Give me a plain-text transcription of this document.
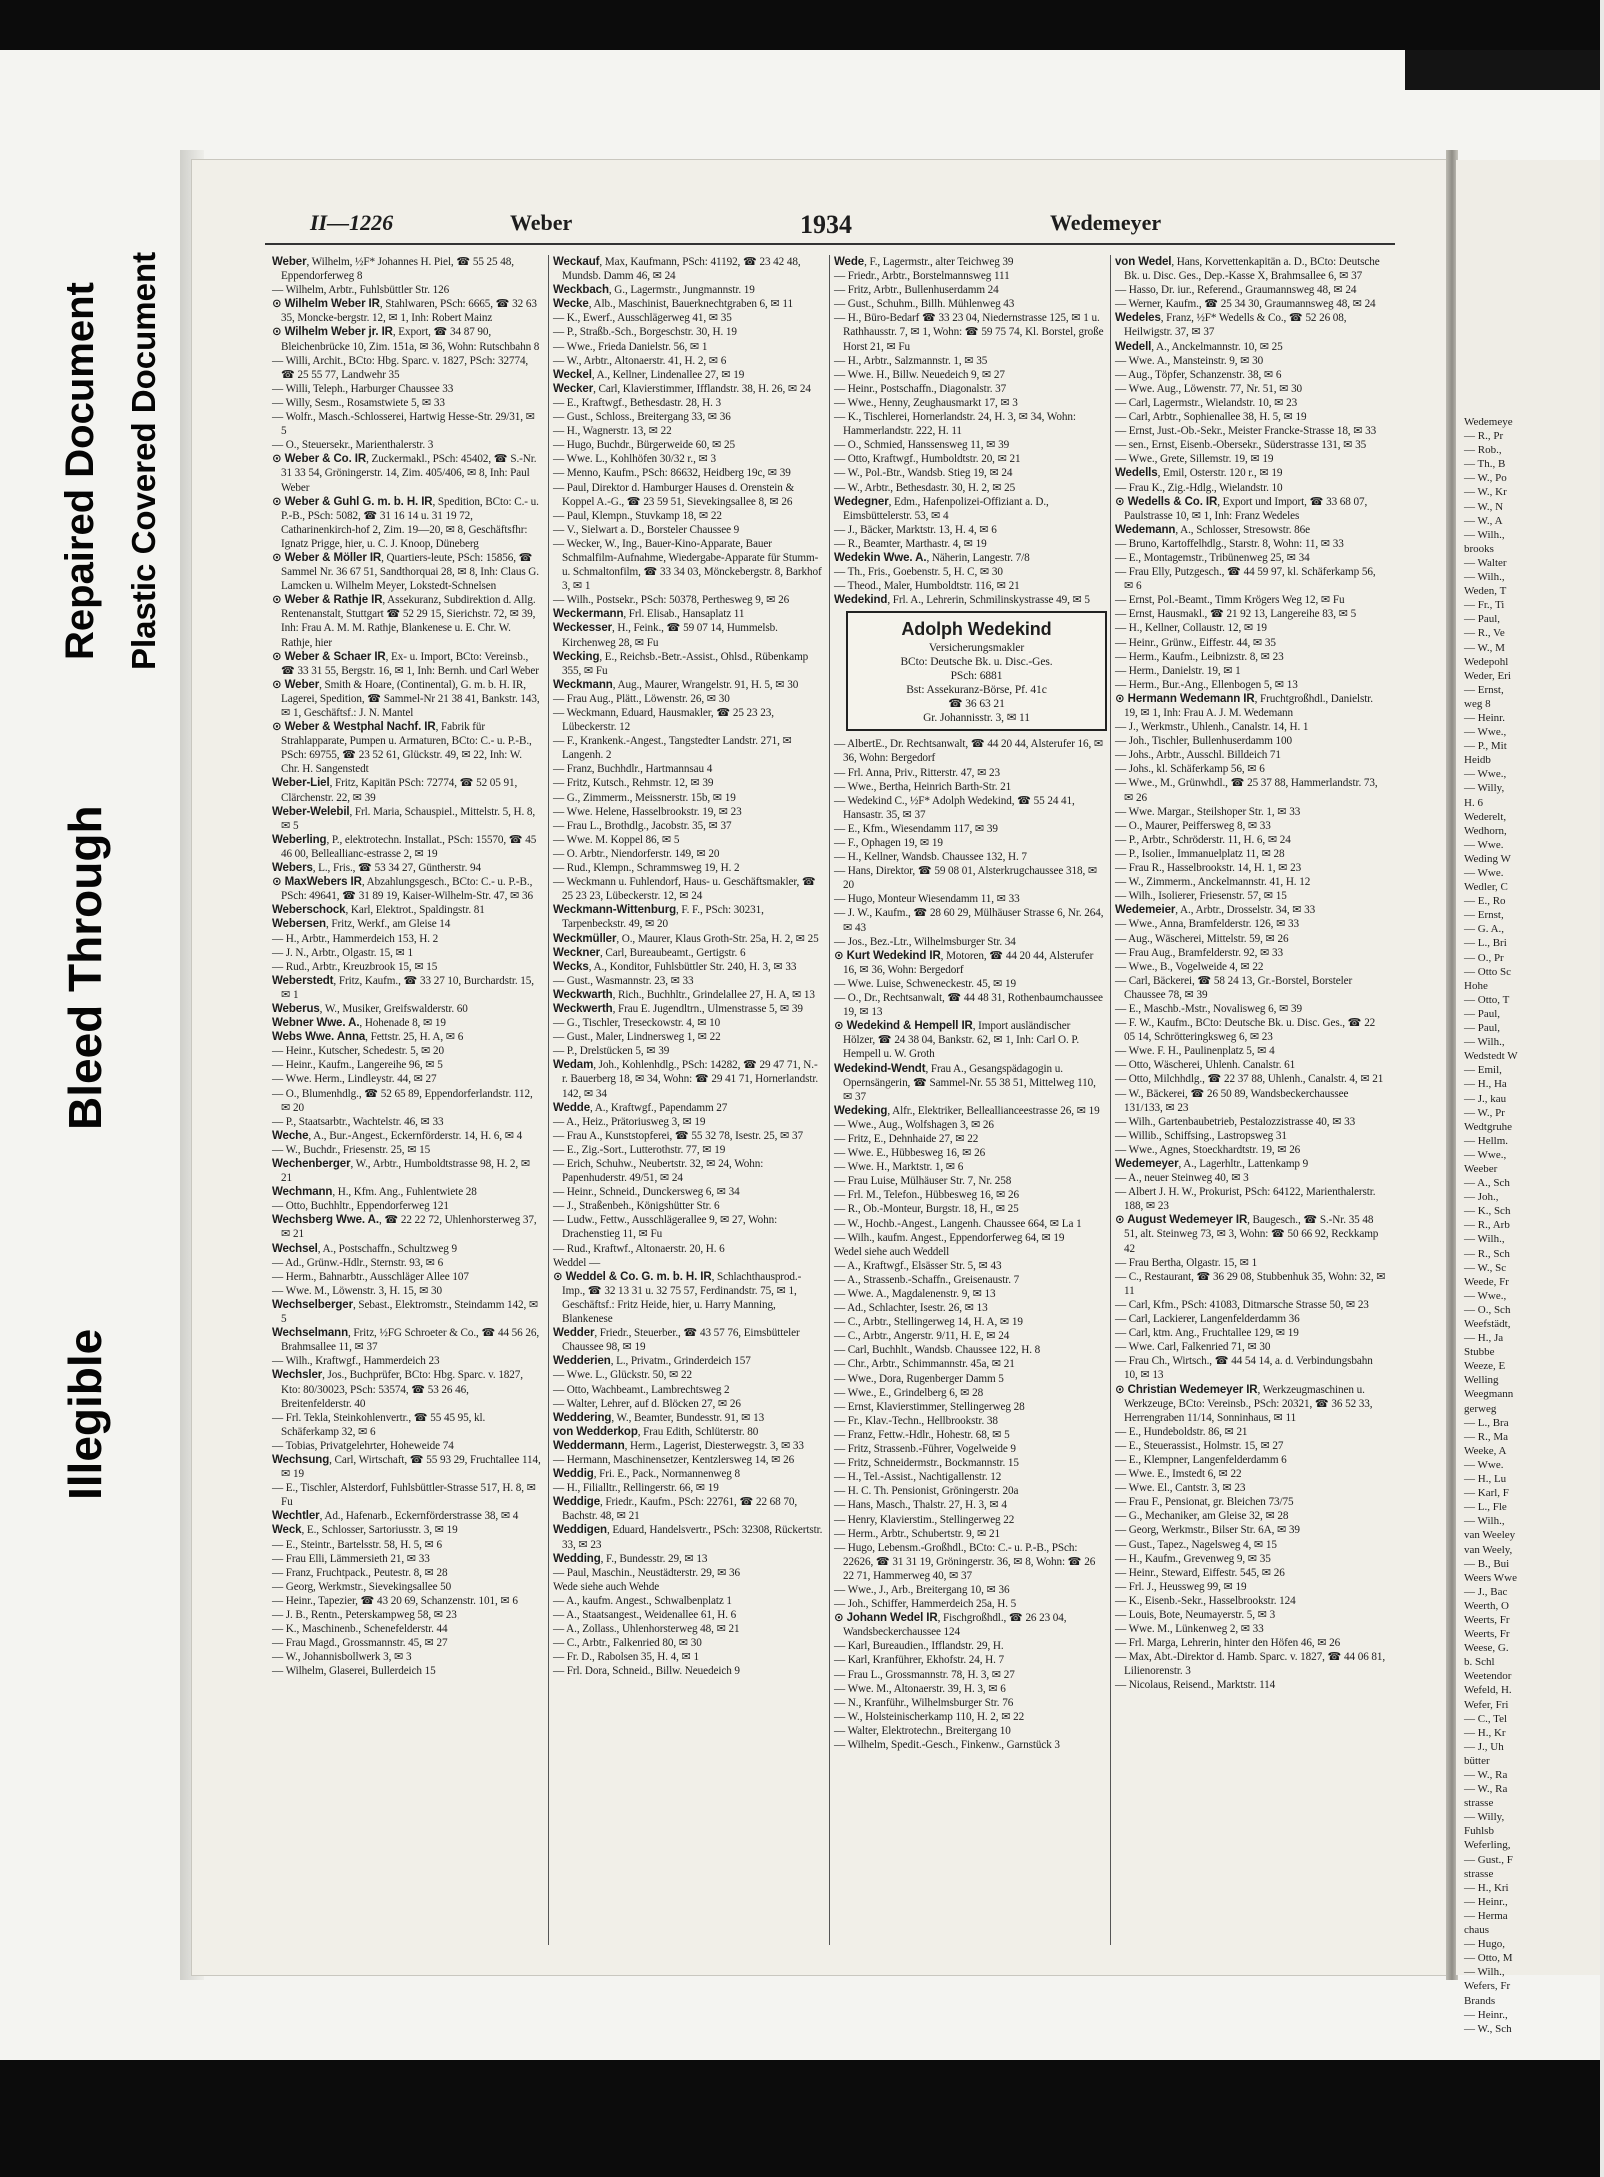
Illegible
Bleed Through
Repaired Document Plastic Covered Document
II—1226	Weber	1934	Wedemeyer

Weber, Wilhelm, ½F* Johannes H. Piel, ☎ 55 25 48, Eppendorferweg 8

— Wilhelm, Arbtr., Fuhlsbüttler Str. 126

⊙ Wilhelm Weber IR, Stahlwaren, PSch: 6665, ☎ 32 63 35, Moncke-bergstr. 12, ✉ 1, Inh: Robert Mainz

⊙ Wilhelm Weber jr. IR, Export, ☎ 34 87 90, Bleichenbrücke 10, Zim. 151a, ✉ 36, Wohn: Rutschbahn 8

— Willi, Archit., BCto: Hbg. Sparc. v. 1827, PSch: 32774, ☎ 25 55 77, Landwehr 35

— Willi, Teleph., Harburger Chaussee 33

— Willy, Sesm., Rosamstwiete 5, ✉ 33

— Wolfr., Masch.-Schlosserei, Hartwig Hesse-Str. 29/31, ✉ 5

— O., Steuersekr., Marienthalerstr. 3

⊙ Weber & Co. IR, Zuckermakl., PSch: 45402, ☎ S.-Nr. 31 33 54, Gröningerstr. 14, Zim. 405/406, ✉ 8, Inh: Paul Weber

⊙ Weber & Guhl G. m. b. H. IR, Spedition, BCto: C.- u. P.-B., PSch: 5082, ☎ 31 16 14 u. 31 19 72, Catharinenkirch-hof 2, Zim. 19—20, ✉ 8, Geschäftsfhr: Ignatz Prigge, hier, u. C. J. Knoop, Düneberg

⊙ Weber & Möller IR, Quartiers-leute, PSch: 15856, ☎ Sammel Nr. 36 67 51, Sandthorquai 28, ✉ 8, Inh: Claus G. Lamcken u. Wilhelm Meyer, Lokstedt-Schnelsen

⊙ Weber & Rathje IR, Assekuranz, Subdirektion d. Allg. Rentenanstalt, Stuttgart ☎ 52 29 15, Sierichstr. 72, ✉ 39, Inh: Frau A. M. M. Rathje, Blankenese u. E. Chr. W. Rathje, hier

⊙ Weber & Schaer IR, Ex- u. Import, BCto: Vereinsb., ☎ 33 31 55, Bergstr. 16, ✉ 1, Inh: Bernh. und Carl Weber

⊙ Weber, Smith & Hoare, (Continental), G. m. b. H. IR, Lagerei, Spedition, ☎ Sammel-Nr 21 38 41, Bankstr. 143, ✉ 1, Geschäftsf.: J. N. Mantel

⊙ Weber & Westphal Nachf. IR, Fabrik für Strahlapparate, Pumpen u. Armaturen, BCto: C.- u. P.-B., PSch: 69755, ☎ 23 52 61, Glückstr. 49, ✉ 22, Inh: W. Chr. H. Sangenstedt

Weber-Liel, Fritz, Kapitän PSch: 72774, ☎ 52 05 91, Clärchenstr. 22, ✉ 39

Weber-Welebil, Frl. Maria, Schauspiel., Mittelstr. 5, H. 8, ✉ 5

Weberling, P., elektrotechn. Installat., PSch: 15570, ☎ 45 46 00, Belleallianc-estrasse 2, ✉ 19

Webers, L., Fris., ☎ 53 34 27, Güntherstr. 94

⊙ MaxWebers IR, Abzahlungsgesch., BCto: C.- u. P.-B., PSch: 49641, ☎ 31 89 19, Kaiser-Wilhelm-Str. 47, ✉ 36

Weberschock, Karl, Elektrot., Spaldingstr. 81

Webersen, Fritz, Werkf., am Gleise 14

— H., Arbtr., Hammerdeich 153, H. 2

— J. N., Arbtr., Olgastr. 15, ✉ 1

— Rud., Arbtr., Kreuzbrook 15, ✉ 15

Weberstedt, Fritz, Kaufm., ☎ 33 27 10, Burchardstr. 15, ✉ 1

Weberus, W., Musiker, Greifswalderstr. 60

Webner Wwe. A., Hohenade 8, ✉ 19

Webs Wwe. Anna, Fettstr. 25, H. A, ✉ 6

— Heinr., Kutscher, Schedestr. 5, ✉ 20

— Heinr., Kaufm., Langereihe 96, ✉ 5

— Wwe. Herm., Lindleystr. 44, ✉ 27

— O., Blumenhdlg., ☎ 52 65 89, Eppendorferlandstr. 112, ✉ 20

— P., Staatsarbtr., Wachtelstr. 46, ✉ 33

Weche, A., Bur.-Angest., Eckernförderstr. 14, H. 6, ✉ 4

— W., Buchdr., Friesenstr. 25, ✉ 15

Wechenberger, W., Arbtr., Humboldtstrasse 98, H. 2, ✉ 21

Wechmann, H., Kfm. Ang., Fuhlentwiete 28

— Otto, Buchhltr., Eppendorferweg 121

Wechsberg Wwe. A., ☎ 22 22 72, Uhlenhorsterweg 37, ✉ 21

Wechsel, A., Postschaffn., Schultzweg 9

— Ad., Grünw.-Hdlr., Sternstr. 93, ✉ 6

— Herm., Bahnarbtr., Ausschläger Allee 107

— Wwe. M., Löwenstr. 3, H. 15, ✉ 30

Wechselberger, Sebast., Elektromstr., Steindamm 142, ✉ 5

Wechselmann, Fritz, ½FG Schroeter & Co., ☎ 44 56 26, Brahmsallee 11, ✉ 37

— Wilh., Kraftwgf., Hammerdeich 23

Wechsler, Jos., Buchprüfer, BCto: Hbg. Sparc. v. 1827, Kto: 80/30023, PSch: 53574, ☎ 53 26 46, Breitenfelderstr. 40

— Frl. Tekla, Steinkohlenvertr., ☎ 55 45 95, kl. Schäferkamp 32, ✉ 6

— Tobias, Privatgelehrter, Hoheweide 74

Wechsung, Carl, Wirtschaft, ☎ 55 93 29, Fruchtallee 114, ✉ 19

— E., Tischler, Alsterdorf, Fuhlsbüttler-Strasse 517, H. 8, ✉ Fu

Wechtler, Ad., Hafenarb., Eckernförderstrasse 38, ✉ 4

Weck, E., Schlosser, Sartoriusstr. 3, ✉ 19

— E., Steintr., Bartelsstr. 58, H. 5, ✉ 6

— Frau Elli, Lämmersieth 21, ✉ 33

— Franz, Fruchtpack., Peutestr. 8, ✉ 28

— Georg, Werkmstr., Sievekingsallee 50

— Heinr., Tapezier, ☎ 43 20 69, Schanzenstr. 101, ✉ 6

— J. B., Rentn., Peterskampweg 58, ✉ 23

— K., Maschinenb., Schenefelderstr. 44

— Frau Magd., Grossmannstr. 45, ✉ 27

— W., Johannisbollwerk 3, ✉ 3

— Wilhelm, Glaserei, Bullerdeich 15

Weckauf, Max, Kaufmann, PSch: 41192, ☎ 23 42 48, Mundsb. Damm 46, ✉ 24

Weckbach, G., Lagermstr., Jungmannstr. 19

Wecke, Alb., Maschinist, Bauerknechtgraben 6, ✉ 11

— K., Ewerf., Ausschlägerweg 41, ✉ 35

— P., Straßb.-Sch., Borgeschstr. 30, H. 19

— Wwe., Frieda Danielstr. 56, ✉ 1

— W., Arbtr., Altonaerstr. 41, H. 2, ✉ 6

Weckel, A., Kellner, Lindenallee 27, ✉ 19

Wecker, Carl, Klavierstimmer, Ifflandstr. 38, H. 26, ✉ 24

— E., Kraftwgf., Bethesdastr. 28, H. 3

— Gust., Schloss., Breitergang 33, ✉ 36

— H., Wagnerstr. 13, ✉ 22

— Hugo, Buchdr., Bürgerweide 60, ✉ 25

— Wwe. L., Kohlhöfen 30/32 r., ✉ 3

— Menno, Kaufm., PSch: 86632, Heidberg 19c, ✉ 39

— Paul, Direktor d. Hamburger Hauses d. Orenstein & Koppel A.-G., ☎ 23 59 51, Sievekingsallee 8, ✉ 26

— Paul, Klempn., Stuvkamp 18, ✉ 22

— V., Sielwart a. D., Borsteler Chaussee 9

— Wecker, W., Ing., Bauer-Kino-Apparate, Bauer Schmalfilm-Aufnahme, Wiedergabe-Apparate für Stumm- u. Schmaltonfilm, ☎ 33 34 03, Mönckebergstr. 8, Barkhof 3, ✉ 1

— Wilh., Postsekr., PSch: 50378, Perthesweg 9, ✉ 26

Weckermann, Frl. Elisab., Hansaplatz 11

Weckesser, H., Feink., ☎ 59 07 14, Hummelsb. Kirchenweg 28, ✉ Fu

Wecking, E., Reichsb.-Betr.-Assist., Ohlsd., Rübenkamp 355, ✉ Fu

Weckmann, Aug., Maurer, Wrangelstr. 91, H. 5, ✉ 30

— Frau Aug., Plätt., Löwenstr. 26, ✉ 30

— Weckmann, Eduard, Hausmakler, ☎ 25 23 23, Lübeckerstr. 12

— F., Krankenk.-Angest., Tangstedter Landstr. 271, ✉ Langenh. 2

— Franz, Buchhdlr., Hartmannsau 4

— Fritz, Kutsch., Rehmstr. 12, ✉ 39

— G., Zimmerm., Meissnerstr. 15b, ✉ 19

— Wwe. Helene, Hasselbrookstr. 19, ✉ 23

— Frau L., Brothdlg., Jacobstr. 35, ✉ 37

— Wwe. M. Koppel 86, ✉ 5

— O. Arbtr., Niendorferstr. 149, ✉ 20

— Rud., Klempn., Schrammsweg 19, H. 2

— Weckmann u. Fuhlendorf, Haus- u. Geschäftsmakler, ☎ 25 23 23, Lübeckerstr. 12, ✉ 24

Weckmann-Wittenburg, F. F., PSch: 30231, Tarpenbeckstr. 49, ✉ 20

Weckmüller, O., Maurer, Klaus Groth-Str. 25a, H. 2, ✉ 25

Weckner, Carl, Bureaubeamt., Gertigstr. 6

Wecks, A., Konditor, Fuhlsbüttler Str. 240, H. 3, ✉ 33

— Gust., Wasmannstr. 23, ✉ 33

Weckwarth, Rich., Buchhltr., Grindelallee 27, H. A, ✉ 13

Weckwerth, Frau E. Jugendltrn., Ulmenstrasse 5, ✉ 39

— G., Tischler, Treseckowstr. 4, ✉ 10

— Gust., Maler, Lindnersweg 1, ✉ 22

— P., Drelstücken 5, ✉ 39

Wedam, Joh., Kohlenhdlg., PSch: 14282, ☎ 29 47 71, N.-r. Bauerberg 18, ✉ 34, Wohn: ☎ 29 41 71, Hornerlandstr. 142, ✉ 34

Wedde, A., Kraftwgf., Papendamm 27

— A., Heiz., Prätoriusweg 3, ✉ 19

— Frau A., Kunststopferei, ☎ 55 32 78, Isestr. 25, ✉ 37

— E., Zig.-Sort., Lutterothstr. 77, ✉ 19

— Erich, Schuhw., Neubertstr. 32, ✉ 24, Wohn: Papenhuderstr. 49/51, ✉ 24

— Heinr., Schneid., Dunckersweg 6, ✉ 34

— J., Straßenbeh., Königshütter Str. 6

— Ludw., Fettw., Ausschlägerallee 9, ✉ 27, Wohn: Drachenstieg 11, ✉ Fu

— Rud., Kraftwf., Altonaerstr. 20, H. 6

Weddel —

⊙ Weddel & Co. G. m. b. H. IR, Schlachthausprod.-Imp., ☎ 32 13 31 u. 32 75 57, Ferdinandstr. 75, ✉ 1, Geschäftsf.: Fritz Heide, hier, u. Harry Manning, Blankenese

Wedder, Friedr., Steuerber., ☎ 43 57 76, Eimsbütteler Chaussee 98, ✉ 19

Wedderien, L., Privatm., Grinderdeich 157

— Wwe. L., Glückstr. 50, ✉ 22

— Otto, Wachbeamt., Lambrechtsweg 2

— Walter, Lehrer, auf d. Blöcken 27, ✉ 26

Weddering, W., Beamter, Bundesstr. 91, ✉ 13

von Wedderkop, Frau Edith, Schlüterstr. 80

Weddermann, Herm., Lagerist, Diesterwegstr. 3, ✉ 33

— Hermann, Maschinensetzer, Kentzlersweg 14, ✉ 26

Weddig, Fri. E., Pack., Normannenweg 8

— H., Filialltr., Rellingerstr. 66, ✉ 19

Weddige, Friedr., Kaufm., PSch: 22761, ☎ 22 68 70, Bachstr. 48, ✉ 21

Weddigen, Eduard, Handelsvertr., PSch: 32308, Rückertstr. 33, ✉ 23

Wedding, F., Bundesstr. 29, ✉ 13

— Paul, Maschin., Neustädterstr. 29, ✉ 36

Wede siehe auch Wehde

— A., kaufm. Angest., Schwalbenplatz 1

— A., Staatsangest., Weidenallee 61, H. 6

— A., Zollass., Uhlenhorsterweg 48, ✉ 21

— C., Arbtr., Falkenried 80, ✉ 30

— Fr. D., Rabolsen 35, H. 4, ✉ 1

— Frl. Dora, Schneid., Billw. Neuedeich 9

Wede, F., Lagermstr., alter Teichweg 39

— Friedr., Arbtr., Borstelmannsweg 111

— Fritz, Arbtr., Bullenhuserdamm 24

— Gust., Schuhm., Billh. Mühlenweg 43

— H., Büro-Bedarf ☎ 33 23 04, Niedernstrasse 125, ✉ 1 u. Rathhausstr. 7, ✉ 1, Wohn: ☎ 59 75 74, Kl. Borstel, große Horst 21, ✉ Fu

— H., Arbtr., Salzmannstr. 1, ✉ 35

— Wwe. H., Billw. Neuedeich 9, ✉ 27

— Heinr., Postschaffn., Diagonalstr. 37

— Wwe., Henny, Zeughausmarkt 17, ✉ 3

— K., Tischlerei, Hornerlandstr. 24, H. 3, ✉ 34, Wohn: Hammerlandstr. 222, H. 11

— O., Schmied, Hanssensweg 11, ✉ 39

— Otto, Kraftwgf., Humboldtstr. 20, ✉ 21

— W., Pol.-Btr., Wandsb. Stieg 19, ✉ 24

— W., Arbtr., Bethesdastr. 30, H. 2, ✉ 25

Wedegner, Edm., Hafenpolizei-Offiziant a. D., Eimsbüttelerstr. 53, ✉ 4

— J., Bäcker, Marktstr. 13, H. 4, ✉ 6

— R., Beamter, Marthastr. 4, ✉ 19

Wedekin Wwe. A., Näherin, Langestr. 7/8

— Th., Fris., Goebenstr. 5, H. C, ✉ 30

— Theod., Maler, Humboldtstr. 116, ✉ 21

Wedekind, Frl. A., Lehrerin, Schmilinskystrasse 49, ✉ 5

Adolph Wedekind
Versicherungsmakler
BCto: Deutsche Bk. u. Disc.-Ges.
PSch: 6881
Bst: Assekuranz-Börse, Pf. 41c
☎ 36 63 21
Gr. Johannisstr. 3, ✉ 11

— AlbertE., Dr. Rechtsanwalt, ☎ 44 20 44, Alsterufer 16, ✉ 36, Wohn: Bergedorf

— Frl. Anna, Priv., Ritterstr. 47, ✉ 23

— Wwe., Bertha, Heinrich Barth-Str. 21

— Wedekind C., ½F* Adolph Wedekind, ☎ 55 24 41, Hansastr. 35, ✉ 37

— E., Kfm., Wiesendamm 117, ✉ 39

— F., Ophagen 19, ✉ 19

— H., Kellner, Wandsb. Chaussee 132, H. 7

— Hans, Direktor, ☎ 59 08 01, Alsterkrugchaussee 318, ✉ 20

— Hugo, Monteur Wiesendamm 11, ✉ 33

— J. W., Kaufm., ☎ 28 60 29, Mülhäuser Strasse 6, Nr. 264, ✉ 43

— Jos., Bez.-Ltr., Wilhelmsburger Str. 34

⊙ Kurt Wedekind IR, Motoren, ☎ 44 20 44, Alsterufer 16, ✉ 36, Wohn: Bergedorf

— Wwe. Luise, Schweneckestr. 45, ✉ 19

— O., Dr., Rechtsanwalt, ☎ 44 48 31, Rothenbaumchaussee 19, ✉ 13

⊙ Wedekind & Hempell IR, Import ausländischer Hölzer, ☎ 24 38 04, Bankstr. 62, ✉ 1, Inh: Carl O. P. Hempell u. W. Groth

Wedekind-Wendt, Frau A., Gesangspädagogin u. Opernsängerin, ☎ Sammel-Nr. 55 38 51, Mittelweg 110, ✉ 37

Wedeking, Alfr., Elektriker, Belleallianceestrasse 26, ✉ 19

— Wwe., Aug., Wolfshagen 3, ✉ 26

— Fritz, E., Dehnhaide 27, ✉ 22

— Wwe. E., Hübbesweg 16, ✉ 26

— Wwe. H., Marktstr. 1, ✉ 6

— Frau Luise, Mülhäuser Str. 7, Nr. 258

— Frl. M., Telefon., Hübbesweg 16, ✉ 26

— R., Ob.-Monteur, Burgstr. 18, H., ✉ 25

— W., Hochb.-Angest., Langenh. Chaussee 664, ✉ La 1

— Wilh., kaufm. Angest., Eppendorferweg 64, ✉ 19

Wedel siehe auch Weddell

— A., Kraftwgf., Elsässer Str. 5, ✉ 43

— A., Strassenb.-Schaffn., Greisenaustr. 7

— Wwe. A., Magdalenenstr. 9, ✉ 13

— Ad., Schlachter, Isestr. 26, ✉ 13

— C., Arbtr., Stellingerweg 14, H. A, ✉ 19

— C., Arbtr., Angerstr. 9/11, H. E, ✉ 24

— Carl, Buchhlt., Wandsb. Chaussee 122, H. 8

— Chr., Arbtr., Schimmannstr. 45a, ✉ 21

— Wwe., Dora, Rugenberger Damm 5

— Wwe., E., Grindelberg 6, ✉ 28

— Ernst, Klavierstimmer, Stellingerweg 28

— Fr., Klav.-Techn., Hellbrookstr. 38

— Franz, Fettw.-Hdlr., Hohestr. 68, ✉ 5

— Fritz, Strassenb.-Führer, Vogelweide 9

— Fritz, Schneidermstr., Bockmannstr. 15

— H., Tel.-Assist., Nachtigallenstr. 12

— H. C. Th. Pensionist, Gröningerstr. 20a

— Hans, Masch., Thalstr. 27, H. 3, ✉ 4

— Henry, Klavierstim., Stellingerweg 22

— Herm., Arbtr., Schubertstr. 9, ✉ 21

— Hugo, Lebensm.-Großhdl., BCto: C.- u. P.-B., PSch: 22626, ☎ 31 31 19, Gröningerstr. 36, ✉ 8, Wohn: ☎ 26 22 71, Hammerweg 40, ✉ 37

— Wwe., J., Arb., Breitergang 10, ✉ 36

— Joh., Schiffer, Hammerdeich 25a, H. 5

⊙ Johann Wedel IR, Fischgroßhdl., ☎ 26 23 04, Wandsbeckerchaussee 124

— Karl, Bureaudien., Ifflandstr. 29, H.

— Karl, Kranführer, Ekhofstr. 24, H. 7

— Frau L., Grossmannstr. 78, H. 3, ✉ 27

— Wwe. M., Altonaerstr. 39, H. 3, ✉ 6

— N., Kranführ., Wilhelmsburger Str. 76

— W., Holsteinischerkamp 110, H. 2, ✉ 22

— Walter, Elektrotechn., Breitergang 10

— Wilhelm, Spedit.-Gesch., Finkenw., Garnstück 3

von Wedel, Hans, Korvettenkapitän a. D., BCto: Deutsche Bk. u. Disc. Ges., Dep.-Kasse X, Brahmsallee 6, ✉ 37

— Hasso, Dr. iur., Referend., Graumannsweg 48, ✉ 24

— Werner, Kaufm., ☎ 25 34 30, Graumannsweg 48, ✉ 24

Wedeles, Franz, ½F* Wedells & Co., ☎ 52 26 08, Heilwigstr. 37, ✉ 37

Wedell, A., Anckelmannstr. 10, ✉ 25

— Wwe. A., Mansteinstr. 9, ✉ 30

— Aug., Töpfer, Schanzenstr. 38, ✉ 6

— Wwe. Aug., Löwenstr. 77, Nr. 51, ✉ 30

— Carl, Lagermstr., Wielandstr. 10, ✉ 23

— Carl, Arbtr., Sophienallee 38, H. 5, ✉ 19

— Ernst, Just.-Ob.-Sekr., Meister Francke-Strasse 18, ✉ 33

— sen., Ernst, Eisenb.-Obersekr., Süderstrasse 131, ✉ 35

— Wwe., Grete, Sillemstr. 19, ✉ 19

Wedells, Emil, Osterstr. 120 r., ✉ 19

— Frau K., Zig.-Hdlg., Wielandstr. 10

⊙ Wedells & Co. IR, Export und Import, ☎ 33 68 07, Paulstrasse 10, ✉ 1, Inh: Franz Wedeles

Wedemann, A., Schlosser, Stresowstr. 86e

— Bruno, Kartoffelhdlg., Starstr. 8, Wohn: 11, ✉ 33

— E., Montagemstr., Tribünenweg 25, ✉ 34

— Frau Elly, Putzgesch., ☎ 44 59 97, kl. Schäferkamp 56, ✉ 6

— Ernst, Pol.-Beamt., Timm Krögers Weg 12, ✉ Fu

— Ernst, Hausmakl., ☎ 21 92 13, Langereihe 83, ✉ 5

— H., Kellner, Collaustr. 12, ✉ 19

— Heinr., Grünw., Eiffestr. 44, ✉ 35

— Herm., Kaufm., Leibnizstr. 8, ✉ 23

— Herm., Danielstr. 19, ✉ 1

— Herm., Bur.-Ang., Ellenbogen 5, ✉ 13

⊙ Hermann Wedemann IR, Fruchtgroßhdl., Danielstr. 19, ✉ 1, Inh: Frau A. J. M. Wedemann

— J., Werkmstr., Uhlenh., Canalstr. 14, H. 1

— Joh., Tischler, Bullenhuserdamm 100

— Johs., Arbtr., Ausschl. Billdeich 71

— Johs., kl. Schäferkamp 56, ✉ 6

— Wwe., M., Grünwhdl., ☎ 25 37 88, Hammerlandstr. 73, ✉ 26

— Wwe. Margar., Steilshoper Str. 1, ✉ 33

— O., Maurer, Peiffersweg 8, ✉ 33

— P., Arbtr., Schröderstr. 11, H. 6, ✉ 24

— P., Isolier., Immanuelplatz 11, ✉ 28

— Frau R., Hasselbrookstr. 14, H. 1, ✉ 23

— W., Zimmerm., Anckelmannstr. 41, H. 12

— Wilh., Isolierer, Friesenstr. 57, ✉ 15

Wedemeier, A., Arbtr., Drosselstr. 34, ✉ 33

— Wwe., Anna, Bramfelderstr. 126, ✉ 33

— Aug., Wäscherei, Mittelstr. 59, ✉ 26

— Frau Aug., Bramfelderstr. 92, ✉ 33

— Wwe., B., Vogelweide 4, ✉ 22

— Carl, Bäckerei, ☎ 58 24 13, Gr.-Borstel, Borsteler Chaussee 78, ✉ 39

— E., Maschb.-Mstr., Novalisweg 6, ✉ 39

— F. W., Kaufm., BCto: Deutsche Bk. u. Disc. Ges., ☎ 22 05 14, Schrötteringksweg 6, ✉ 23

— Wwe. F. H., Paulinenplatz 5, ✉ 4

— Otto, Wäscherei, Uhlenh. Canalstr. 61

— Otto, Milchhdlg., ☎ 22 37 88, Uhlenh., Canalstr. 4, ✉ 21

— W., Bäckerei, ☎ 26 50 89, Wandsbeckerchaussee 131/133, ✉ 23

— Wilh., Gartenbaubetrieb, Pestalozzistrasse 40, ✉ 33

— Willib., Schiffsing., Lastropsweg 31

— Wwe., Agnes, Stoeckhardtstr. 19, ✉ 26

Wedemeyer, A., Lagerhltr., Lattenkamp 9

— A., neuer Steinweg 40, ✉ 3

— Albert J. H. W., Prokurist, PSch: 64122, Marienthalerstr. 188, ✉ 23

⊙ August Wedemeyer IR, Baugesch., ☎ S.-Nr. 35 48 51, alt. Steinweg 73, ✉ 3, Wohn: ☎ 50 66 92, Reckkamp 42

— Frau Bertha, Olgastr. 15, ✉ 1

— C., Restaurant, ☎ 36 29 08, Stubbenhuk 35, Wohn: 32, ✉ 11

— Carl, Kfm., PSch: 41083, Ditmarsche Strasse 50, ✉ 23

— Carl, Lackierer, Langenfelderdamm 36

— Carl, ktm. Ang., Fruchtallee 129, ✉ 19

— Wwe. Carl, Falkenried 71, ✉ 30

— Frau Ch., Wirtsch., ☎ 44 54 14, a. d. Verbindungsbahn 10, ✉ 13

⊙ Christian Wedemeyer IR, Werkzeugmaschinen u. Werkzeuge, BCto: Vereinsb., PSch: 20321, ☎ 36 52 33, Herrengraben 11/14, Sonninhaus, ✉ 11

— E., Hundeboldstr. 86, ✉ 21

— E., Steuerassist., Holmstr. 15, ✉ 27

— E., Klempner, Langenfelderdamm 6

— Wwe. E., Imstedt 6, ✉ 22

— Wwe. El., Cantstr. 3, ✉ 23

— Frau F., Pensionat, gr. Bleichen 73/75

— G., Mechaniker, am Gleise 32, ✉ 28

— Georg, Werkmstr., Bilser Str. 6A, ✉ 39

— Gust., Tapez., Nagelsweg 4, ✉ 15

— H., Kaufm., Grevenweg 9, ✉ 35

— Heinr., Steward, Eiffestr. 545, ✉ 26

— Frl. J., Heussweg 99, ✉ 19

— K., Eisenb.-Sekr., Hasselbrookstr. 124

— Louis, Bote, Neumayerstr. 5, ✉ 3

— Wwe. M., Lünkenweg 2, ✉ 33

— Frl. Marga, Lehrerin, hinter den Höfen 46, ✉ 26

— Max, Abt.-Direktor d. Hamb. Sparc. v. 1827, ☎ 44 06 81, Lilienorenstr. 3

— Nicolaus, Reisend., Marktstr. 114

Wedemeye
— R., Pr
— Rob.,
— Th., B
— W., Po
— W., Kr
— W., N
— W., A
— Wilh.,
brooks
— Walter
— Wilh.,
Weden, T
— Fr., Ti
— Paul,
— R., Ve
— W., M
Wedepohl
Weder, Eri
— Ernst,
weg 8
— Heinr.
— Wwe.,
— P., Mit
Heidb
— Wwe.,
— Willy,
H. 6
Wederelt,
Wedhorn,
— Wwe.
Weding W
— Wwe.
Wedler, C
— E., Ro
— Ernst,
— G. A.,
— L., Bri
— O., Pr
— Otto Sc
Hohe
— Otto, T
— Paul,
— Paul,
— Wilh.,
Wedstedt W
— Emil,
— H., Ha
— J., kau
— W., Pr
Wedtgruhe
— Hellm.
— Wwe.,
Weeber
— A., Sch
— Joh.,
— K., Sch
— R., Arb
— Wilh.,
— R., Sch
— W., Sc
Weede, Fr
— Wwe.,
— O., Sch
Weefstädt,
— H., Ja
Stubbe
Weeze, E
Welling
Weegmann
gerweg
— L., Bra
— R., Ma
Weeke, A
— Wwe.
— H., Lu
— Karl, F
— L., Fle
— Wilh.,
van Weeley
van Weely,
— B., Bui
Weers Wwe
— J., Bac
Weerth, O
Weerts, Fr
Weerts, Fr
Weese, G.
b. Schl
Weetendor
Wefeld, H.
Wefer, Fri
— C., Tel
— H., Kr
— J., Uh
bütter
— W., Ra
— W., Ra
strasse
— Willy,
Fuhlsb
Weferling,
— Gust., F
strasse
— H., Kri
— Heinr.,
— Herma
chaus
— Hugo,
— Otto, M
— Wilh.,
Wefers, Fr
Brands
— Heinr.,
— W., Sch
